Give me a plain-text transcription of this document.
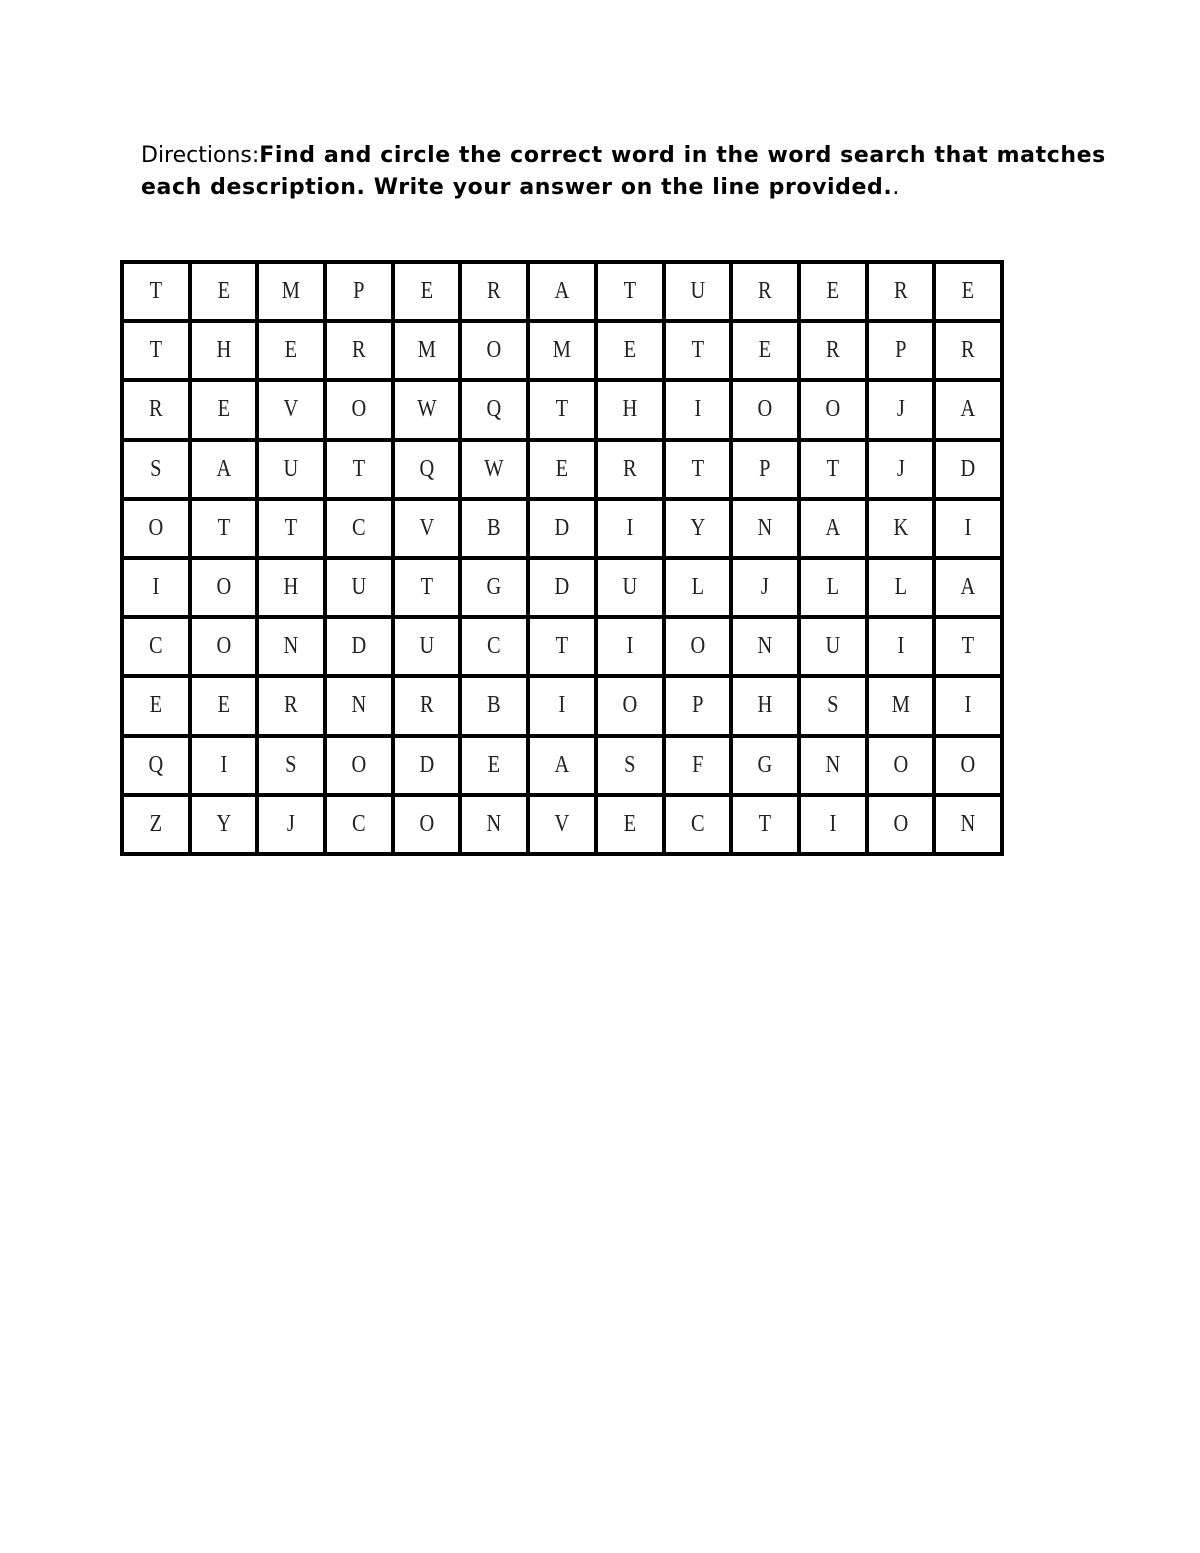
Directions:Find and circle the correct word in the word search that matches each description. Write your answer on the line provided..
T	E	M	P	E	R	A	T	U	R	E	R	E
T	H	E	R	M	O	M	E	T	E	R	P	R
R	E	V	O	W	Q	T	H	I	O	O	J	A
S	A	U	T	Q	W	E	R	T	P	T	J	D
O	T	T	C	V	B	D	I	Y	N	A	K	I
I	O	H	U	T	G	D	U	L	J	L	L	A
C	O	N	D	U	C	T	I	O	N	U	I	T
E	E	R	N	R	B	I	O	P	H	S	M	I
Q	I	S	O	D	E	A	S	F	G	N	O	O
Z	Y	J	C	O	N	V	E	C	T	I	O	N
